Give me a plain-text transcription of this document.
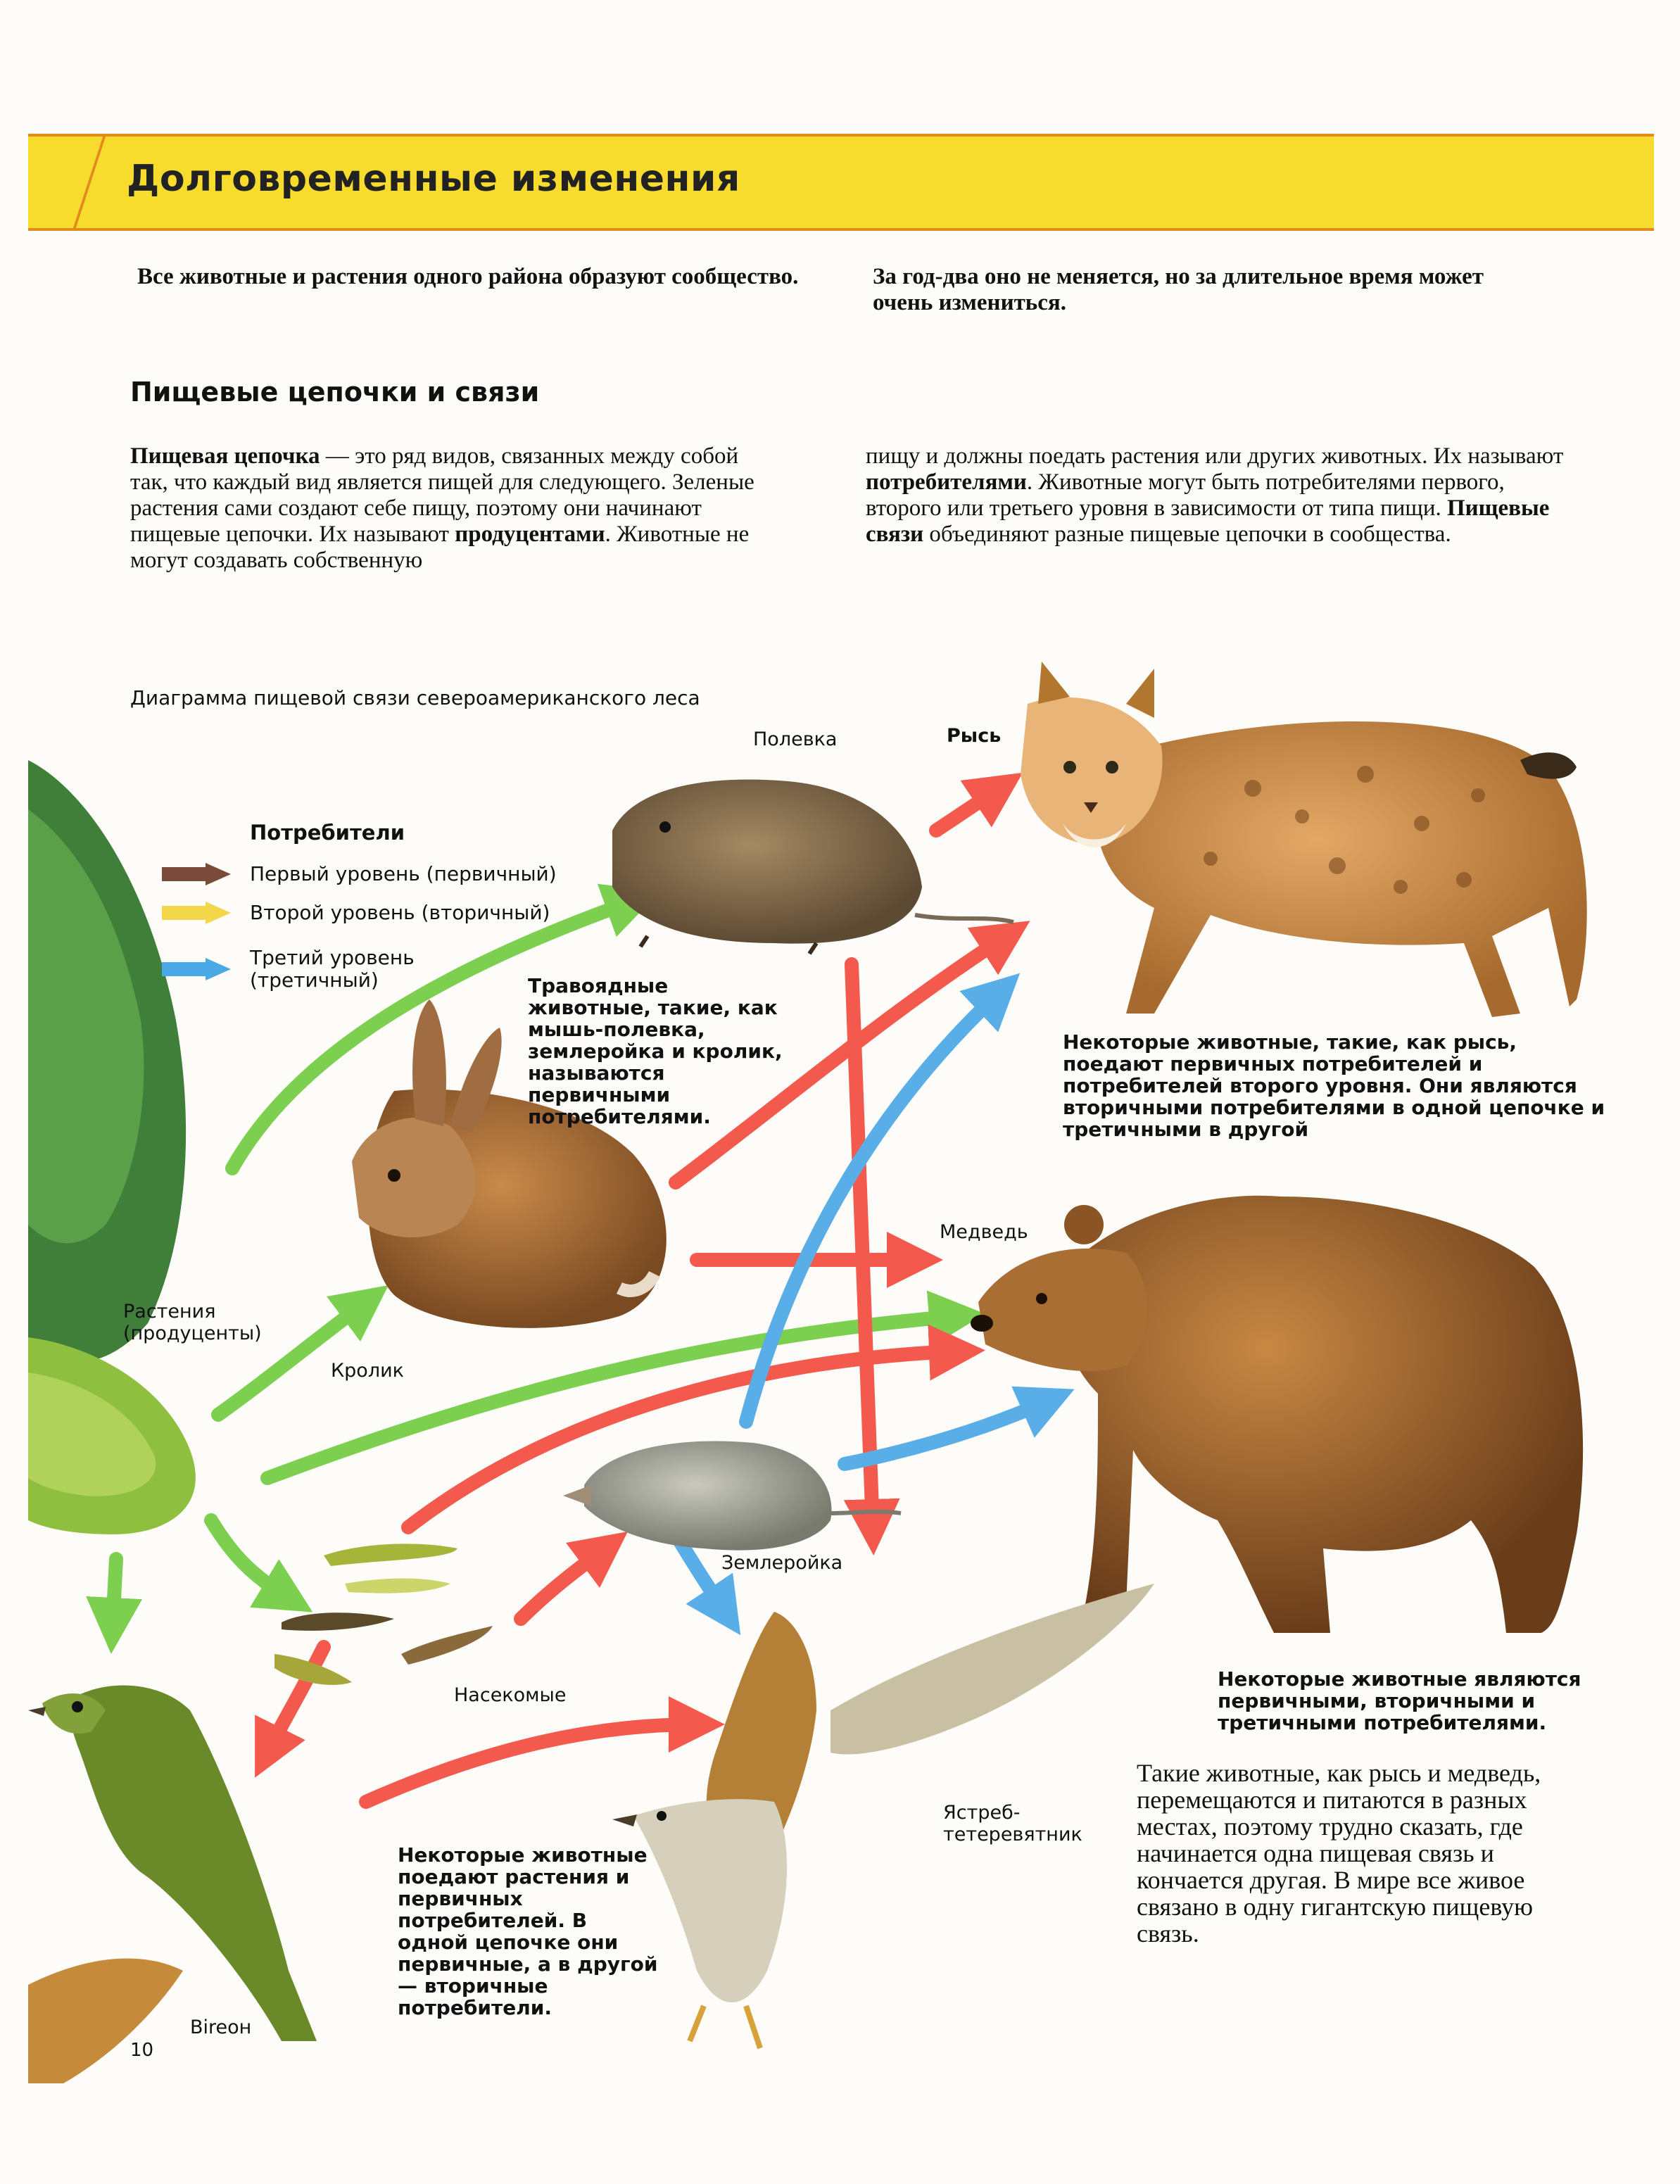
Долговременные изменения
Все животные и растения одного района образуют сообщество.	За год-два оно не меняется, но за длительное время может очень измениться.
Пищевые цепочки и связи
Пищевая цепочка — это ряд видов, связанных между собой так, что каждый вид является пищей для следующего. Зеленые растения сами создают себе пищу, поэтому они начинают пищевые цепочки. Их называют продуцентами. Животные не могут создавать собственную
пищу и должны поедать растения или других животных. Их называют потребителями. Животные могут быть потребителями первого, второго или третьего уровня в зависимости от типа пищи. Пищевые связи объединяют разные пищевые цепочки в сообщества.
Диаграмма пищевой связи североамериканского леса
Потребители
Первый уровень (первичный)
Второй уровень (вторичный)
Третий уровень (третичный)
Полевка	Рысь
Медведь
Кролик
Растения (продуценты)
Землеройка
Насекомые
Ястреб-тетеревятник
Вireон
Травоядные животные, такие, как мышь-полевка, землеройка и кролик, называются первичными потребителями.
Некоторые животные, такие, как рысь, поедают первичных потребителей и потребителей второго уровня. Они являются вторичными потребителями в одной цепочке и третичными в другой
Некоторые животные являются первичными, вторичными и третичными потребителями.
Некоторые животные поедают растения и первичных потребителей. В одной цепочке они первичные, а в другой — вторичные потребители.
Такие животные, как рысь и медведь, перемещаются и питаются в разных местах, поэтому трудно сказать, где начинается одна пищевая связь и кончается другая. В мире все живое связано в одну гигантскую пищевую связь.
10
